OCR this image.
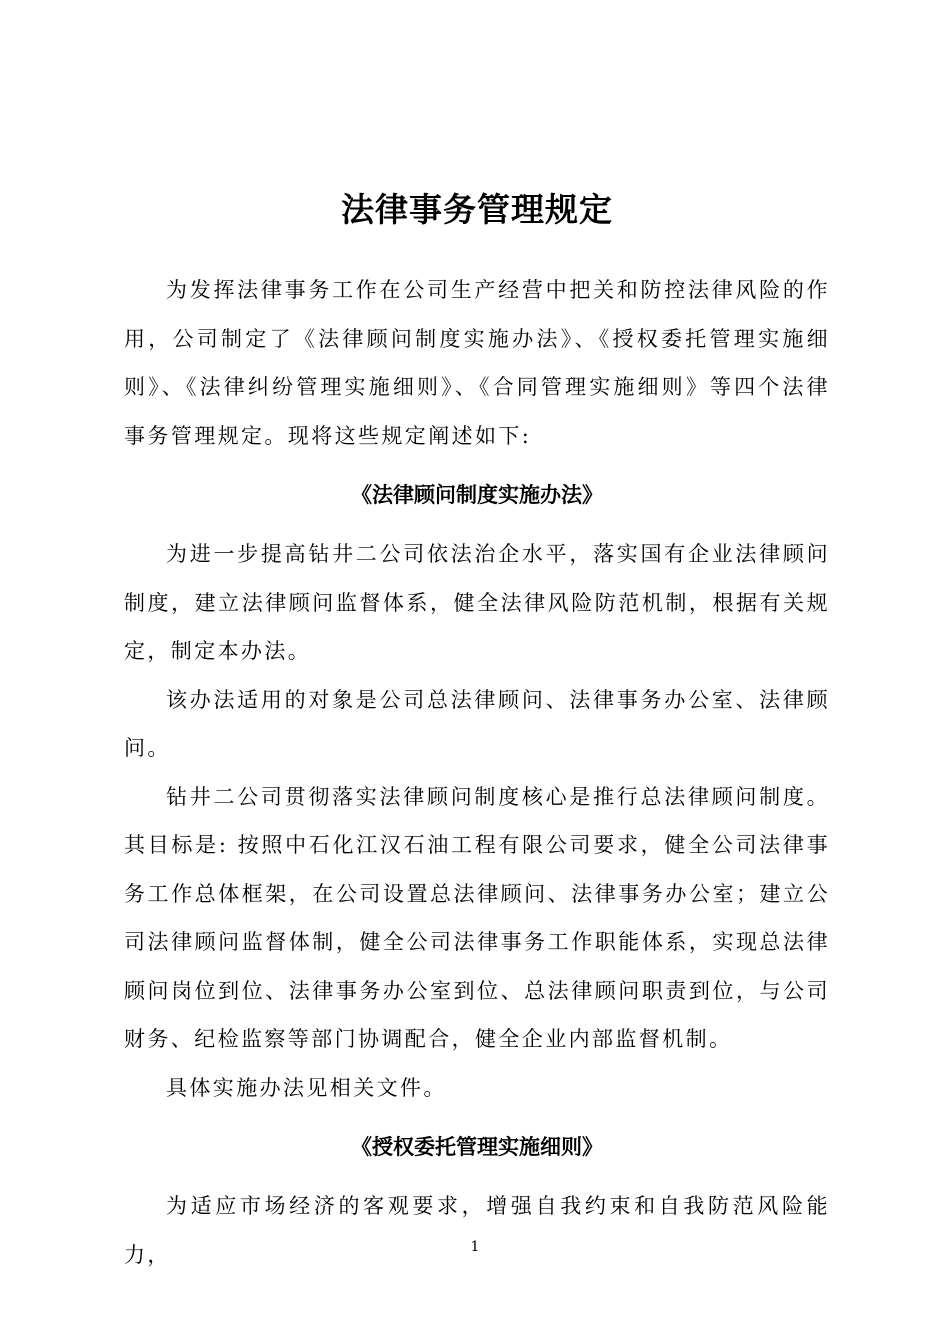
法律事务管理规定

为发挥法律事务工作在公司生产经营中把关和防控法律风险的作用，公司制定了《法律顾问制度实施办法》、《授权委托管理实施细则》、《法律纠纷管理实施细则》、《合同管理实施细则》等四个法律事务管理规定。现将这些规定阐述如下:

《法律顾问制度实施办法》

为进一步提高钻井二公司依法治企水平，落实国有企业法律顾问制度，建立法律顾问监督体系，健全法律风险防范机制，根据有关规定，制定本办法。

该办法适用的对象是公司总法律顾问、法律事务办公室、法律顾问。

钻井二公司贯彻落实法律顾问制度核心是推行总法律顾问制度。其目标是: 按照中石化江汉石油工程有限公司要求，健全公司法律事务工作总体框架，在公司设置总法律顾问、法律事务办公室；建立公司法律顾问监督体制，健全公司法律事务工作职能体系，实现总法律顾问岗位到位、法律事务办公室到位、总法律顾问职责到位，与公司财务、纪检监察等部门协调配合，健全企业内部监督机制。

具体实施办法见相关文件。

《授权委托管理实施细则》

为适应市场经济的客观要求，增强自我约束和自我防范风险能力，	1
